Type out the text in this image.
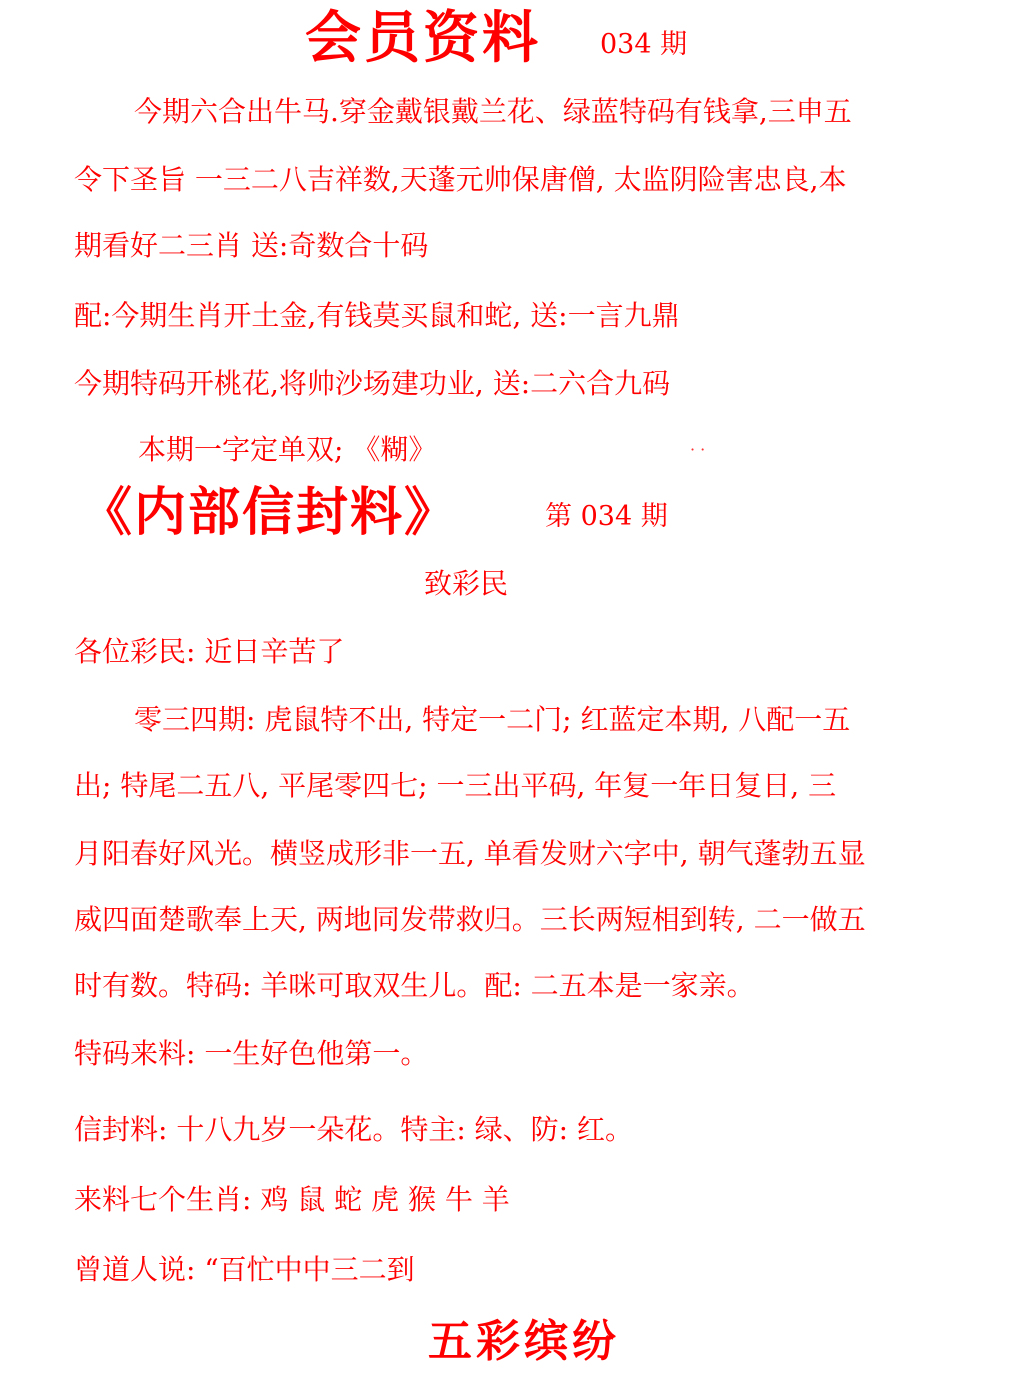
会员资料 034 期
今期六合出牛马.穿金戴银戴兰花、绿蓝特码有钱拿,三申五
令下圣旨 一三二八吉祥数,天蓬元帅保唐僧, 太监阴险害忠良,本
期看好二三肖 送:奇数合十码
配:今期生肖开土金,有钱莫买鼠和蛇, 送:一言九鼎
今期特码开桃花,将帅沙场建功业, 送:二六合九码
本期一字定单双; 《糊》	· ·
《内部信封料》	第 034 期
致彩民
各位彩民: 近日辛苦了
零三四期: 虎鼠特不出, 特定一二门; 红蓝定本期, 八配一五
出; 特尾二五八, 平尾零四七; 一三出平码, 年复一年日复日, 三
月阳春好风光。横竖成形非一五, 单看发财六字中, 朝气蓬勃五显
威四面楚歌奉上天, 两地同发带救归。三长两短相到转, 二一做五
时有数。特码: 羊咪可取双生儿。配: 二五本是一家亲。
特码来料: 一生好色他第一。
信封料: 十八九岁一朵花。特主: 绿、防: 红。
来料七个生肖: 鸡 鼠 蛇 虎 猴 牛 羊
曾道人说: “百忙中中三二到
五彩缤纷
